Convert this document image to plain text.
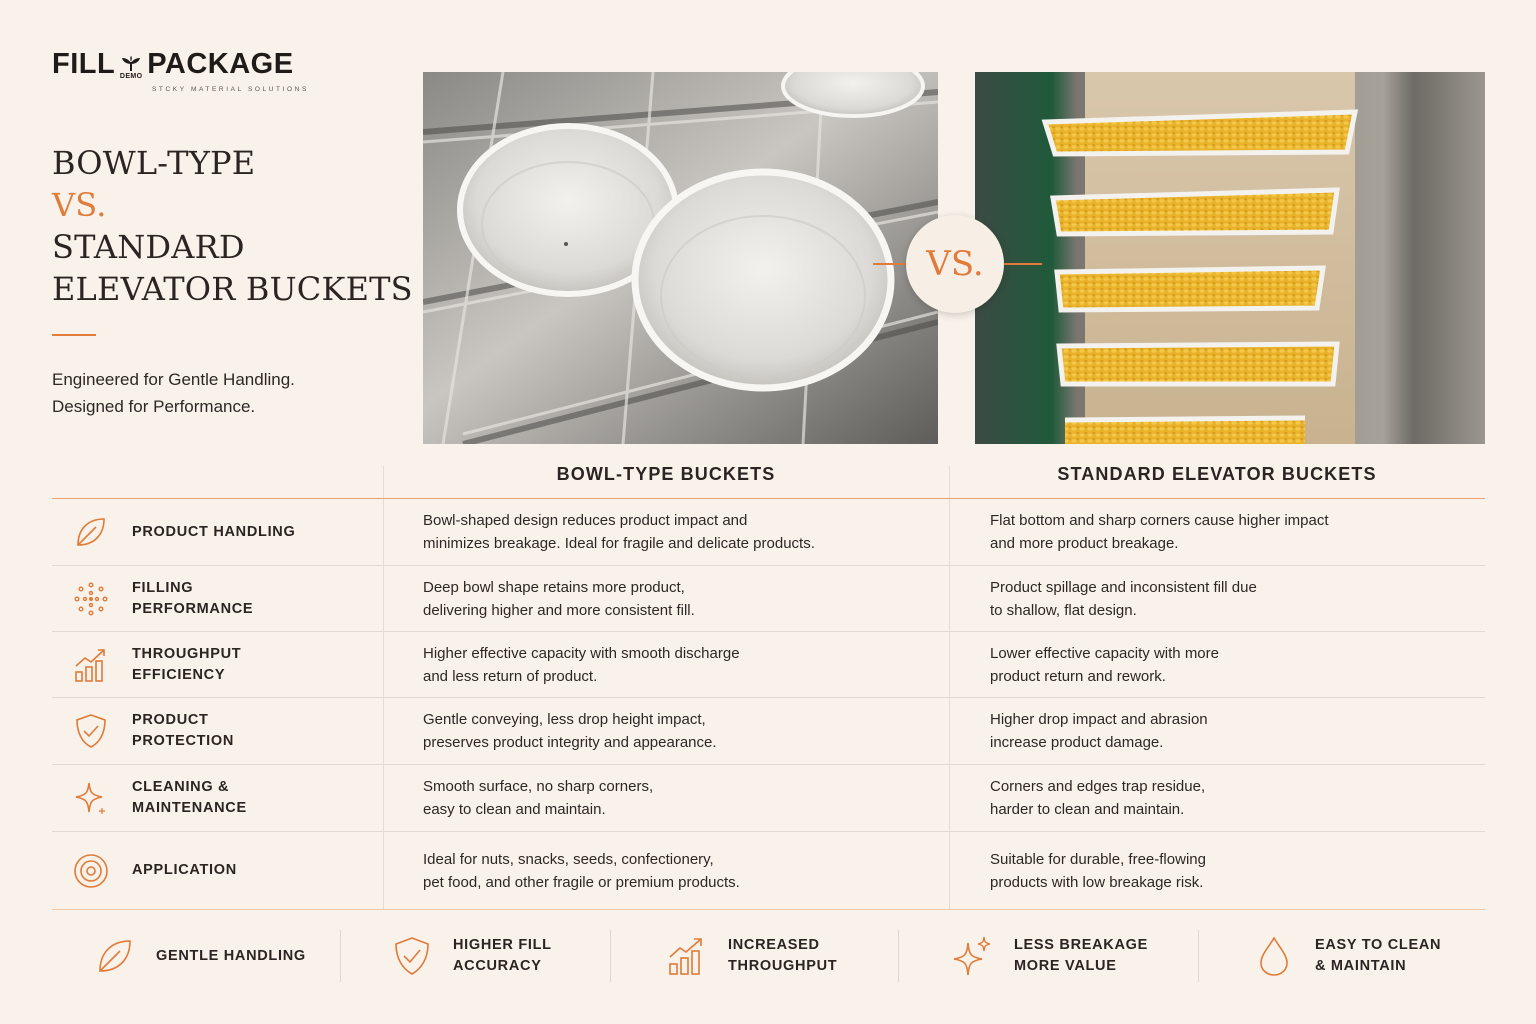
FILL DEMO PACKAGE
STCKY MATERIAL SOLUTIONS
BOWL-TYPE
VS.
STANDARD
ELEVATOR BUCKETS
Engineered for Gentle Handling.
Designed for Performance.
VS.
BOWL-TYPE BUCKETS	STANDARD ELEVATOR BUCKETS
PRODUCT HANDLING
Bowl-shaped design reduces product impact and
minimizes breakage. Ideal for fragile and delicate products.
Flat bottom and sharp corners cause higher impact
and more product breakage.
FILLING
PERFORMANCE
Deep bowl shape retains more product,
delivering higher and more consistent fill.
Product spillage and inconsistent fill due
to shallow, flat design.
THROUGHPUT
EFFICIENCY
Higher effective capacity with smooth discharge
and less return of product.
Lower effective capacity with more
product return and rework.
PRODUCT
PROTECTION
Gentle conveying, less drop height impact,
preserves product integrity and appearance.
Higher drop impact and abrasion
increase product damage.
CLEANING &
MAINTENANCE
Smooth surface, no sharp corners,
easy to clean and maintain.
Corners and edges trap residue,
harder to clean and maintain.
APPLICATION
Ideal for nuts, snacks, seeds, confectionery,
pet food, and other fragile or premium products.
Suitable for durable, free-flowing
products with low breakage risk.
GENTLE HANDLING
HIGHER FILL
ACCURACY
INCREASED
THROUGHPUT
LESS BREAKAGE
MORE VALUE
EASY TO CLEAN
& MAINTAIN
